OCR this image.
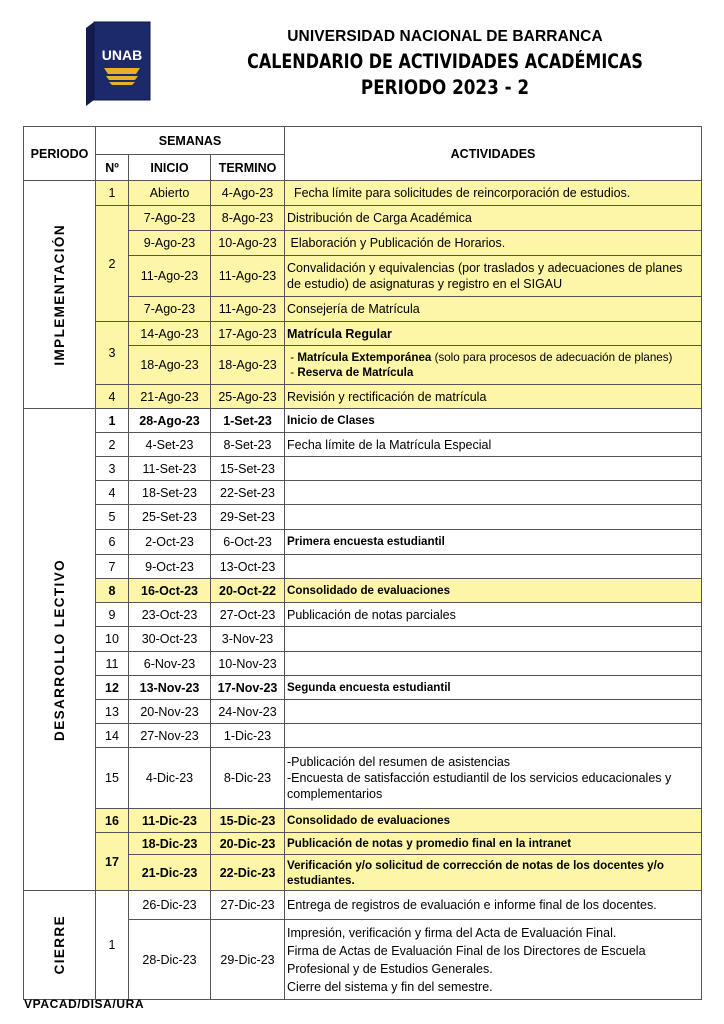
UNAB
UNIVERSIDAD NACIONAL DE BARRANCA
CALENDARIO DE ACTIVIDADES ACADÉMICAS
PERIODO 2023 - 2
PERIODO	SEMANAS			ACTIVIDADES
	Nº	INICIO	TERMINO	

IMPLEMENTACIÓN	1	Abierto	4-Ago-23	Fecha límite para solicitudes de reincorporación de estudios.
	2	7-Ago-23	8-Ago-23	Distribución de Carga Académica
		9-Ago-23	10-Ago-23	Elaboración y Publicación de Horarios.
		11-Ago-23	11-Ago-23	Convalidación y equivalencias (por traslados y adecuaciones de planes de estudio) de asignaturas y registro en el SIGAU
		7-Ago-23	11-Ago-23	Consejería de Matrícula
	3	14-Ago-23	17-Ago-23	Matrícula Regular
		18-Ago-23	18-Ago-23	- Matrícula Extemporánea (solo para procesos de adecuación de planes)
- Reserva de Matrícula
	4	21-Ago-23	25-Ago-23	Revisión y rectificación de matrícula

DESARROLLO LECTIVO	1	28-Ago-23	1-Set-23	Inicio de Clases
	2	4-Set-23	8-Set-23	Fecha límite de la Matrícula Especial
	3	11-Set-23	15-Set-23	
	4	18-Set-23	22-Set-23	
	5	25-Set-23	29-Set-23	
	6	2-Oct-23	6-Oct-23	Primera encuesta estudiantil
	7	9-Oct-23	13-Oct-23	
	8	16-Oct-23	20-Oct-22	Consolidado de evaluaciones
	9	23-Oct-23	27-Oct-23	Publicación de notas parciales
	10	30-Oct-23	3-Nov-23	
	11	6-Nov-23	10-Nov-23	
	12	13-Nov-23	17-Nov-23	Segunda encuesta estudiantil
	13	20-Nov-23	24-Nov-23	
	14	27-Nov-23	1-Dic-23	
	15	4-Dic-23	8-Dic-23	-Publicación del resumen de asistencias
-Encuesta de satisfacción estudiantil de los servicios educacionales y complementarios
	16	11-Dic-23	15-Dic-23	Consolidado de evaluaciones
	17	18-Dic-23	20-Dic-23	Publicación de notas y promedio final en la intranet
		21-Dic-23	22-Dic-23	Verificación y/o solicitud de corrección de notas de los docentes y/o estudiantes.

CIERRE	1	26-Dic-23	27-Dic-23	Entrega de registros de evaluación e informe final de los docentes.
		28-Dic-23	29-Dic-23	Impresión, verificación y firma del Acta de Evaluación Final.
Firma de Actas de Evaluación Final de los Directores de Escuela Profesional y de Estudios Generales.
Cierre del sistema y fin del semestre.
VPACAD/DISA/URA
